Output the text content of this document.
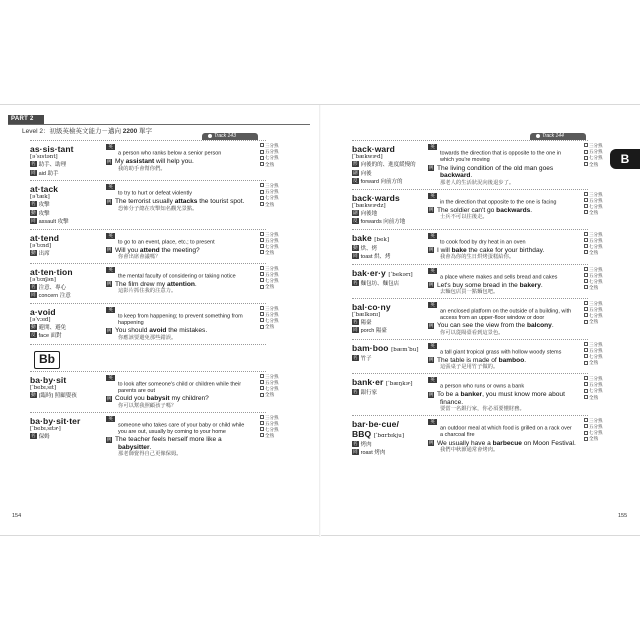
PART 2
Level 2：初級英檢英文能力－邁向 2200 單字
Track 143
as·sis·tant
[əˈsɪstənt]
名 助手、助理
同 aid 助手
英英 a person who ranks below a senior person
例 My assistant will help you.
我的助手會幫你們。
三分熟
五分熟
七分熟
全熟
at·tack
[əˈtæk]
名 攻擊
動 攻擊
同 assault 攻擊
英英 to try to hurt or defeat violently
例 The terrorist usually attacks the tourist spot.
恐怖分子總在攻擊知名觀光景點。
三分熟
五分熟
七分熟
全熟
at·tend
[əˈtɛnd]
動 出席
英英 to go to an event, place, etc.; to present
例 Will you attend the meeting?
你會出席會議嗎？
三分熟
五分熟
七分熟
全熟
at·ten·tion
[əˈtɛnʃən]
名 注意、專心
同 concern 注意
英英 the mental faculty of considering or taking notice
例 The film drew my attention.
這影片抓住我的注意力。
三分熟
五分熟
七分熟
全熟
a·void
[əˈvɔɪd]
動 避開、避免
反 face 面對
英英 to keep from happening; to prevent something from happening
例 You should avoid the mistakes.
你應該要避免那些錯誤。
三分熟
五分熟
七分熟
全熟
Bb
ba·by·sit
[ˈbebɪˌsɪt]
動 (臨時) 照顧嬰孩
英英 to look after someone's child or children while their parents are out
例 Could you babysit my children?
你可以幫我照顧孩子嗎？
三分熟
五分熟
七分熟
全熟
ba·by·sit·ter
[ˈbebɪˌsɪtɚ]
名 保姆
英英 someone who takes care of your baby or child while you are out, usually by coming to your home
例 The teacher feels herself more like a babysitter.
那老師覺得自己更像保姆。
三分熟
五分熟
七分熟
全熟
154
Track 144
back·ward
[ˈbækwɚd]
形 向後的的、進度緩慢的
副 向後
反 forward 向前方的
英英 towards the direction that is opposite to the one in which you're moving
例 The living condition of the old man goes backward.
那老人的生活狀況向後退步了。
三分熟
五分熟
七分熟
全熟
back·wards
[ˈbækwɚdz]
副 向後地
反 forwards 向前方地
英英 in the direction that opposite to the one is facing
例 The soldier can't go backwards.
士兵不可以往後走。
三分熟
五分熟
七分熟
全熟
bake [bek]
動 烘、烤
同 toast 烘、烤
英英 to cook food by dry heat in an oven
例 I will bake the cake for your birthday.
我會為你的生日烘烤蛋糕給你。
三分熟
五分熟
七分熟
全熟
bak·er·y [ˈbekərɪ]
名 麵包坊、麵包店
英英 a place where makes and sells bread and cakes
例 Let's buy some bread in the bakery.
去麵包店買一點麵包吧。
三分熟
五分熟
七分熟
全熟
bal·co·ny
[ˈbælkənɪ]
名 陽臺
同 porch 陽臺
英英 an enclosed platform on the outside of a building, with access from an upper-floor window or door
例 You can see the view from the balcony.
你可以從陽臺看到這景色。
三分熟
五分熟
七分熟
全熟
bam·boo [bæmˈbu]
名 竹子
英英 a tall giant tropical grass with hollow woody stems
例 The table is made of bamboo.
這張桌子是用竹子做的。
三分熟
五分熟
七分熟
全熟
bank·er [ˈbæŋkɚ]
名 銀行家
英英 a person who runs or owns a bank
例 To be a banker, you must know more about finance.
要當一名銀行家，你必須要懂財務。
三分熟
五分熟
七分熟
全熟
bar·be·cue/
BBQ [ˈbɑrbɪkju]
名 烤肉
同 roast 烤肉
英英 an outdoor meal at which food is grilled on a rack over a charcoal fire
例 We usually have a barbecue on Moon Festival.
我們中秋節通常會烤肉。
三分熟
五分熟
七分熟
全熟
B
155
